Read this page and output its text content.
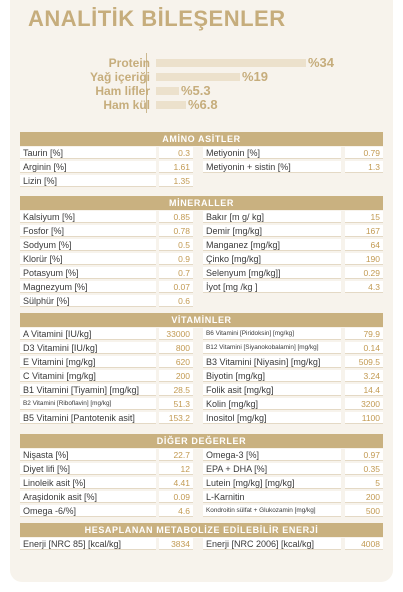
ANALİTİK BİLEŞENLER
Protein	%34
Yağ içeriği	%19
Ham lifler %5.3
Ham kül	%6.8
AMİNO ASİTLER
Taurin [%]	0.3	Metiyonin [%]	0.79
Arginin [%]	1.61	Metiyonin + sistin [%]	1.3
Lizin [%]	1.35
MİNERALLER
Kalsiyum [%]	0.85	Bakır [m g/ kg]	15
Fosfor [%]	0.78	Demir [mg/kg]	167
Sodyum [%]	0.5	Manganez [mg/kg]	64
Klorür [%]	0.9	Çinko [mg/kg]	190
Potasyum [%]	0.7	Selenyum [mg/kg]]	0.29
Magnezyum [%]	0.07	İyot [mg /kg ]	4.3
Sülphür [%]	0.6
VİTAMİNLER
A Vitamini [IU/kg]	33000	B6 Vitamini [Piridoksin] [mg/kg]	79.9
D3 Vitamini [IU/kg]	800	B12 Vitamini [Siyanokobalamin] [mg/kg]	0.14
E Vitamini [mg/kg]	620	B3 Vitamini [Niyasin] [mg/kg]	509.5
C Vitamini [mg/kg]	200	Biyotin [mg/kg]	3.24
B1 Vitamini [Tiyamin] [mg/kg]	28.5	Folik asit [mg/kg]	14.4
B2 Vitamini [Riboflavin] [mg/kg]	51.3	Kolin [mg/kg]	3200
B5 Vitamini [Pantotenik asit]	153.2	Inositol [mg/kg]	1100
DİĞER DEĞERLER
Nişasta [%]	22.7	Omega-3 [%]	0.97
Diyet lifi [%]	12	EPA + DHA [%]	0.35
Linoleik asit [%]	4.41	Lutein [mg/kg] [mg/kg]	5
Araşidonik asit [%]	0.09	L-Karnitin	200
Omega -6/%]	4.6	Kondroitin sülfat + Glukozamin [mg/kg]	500
HESAPLANAN METABOLİZE EDİLEBİLİR ENERJİ
Enerji [NRC 85] [kcal/kg]	3834	Enerji [NRC 2006] [kcal/kg]	4008
